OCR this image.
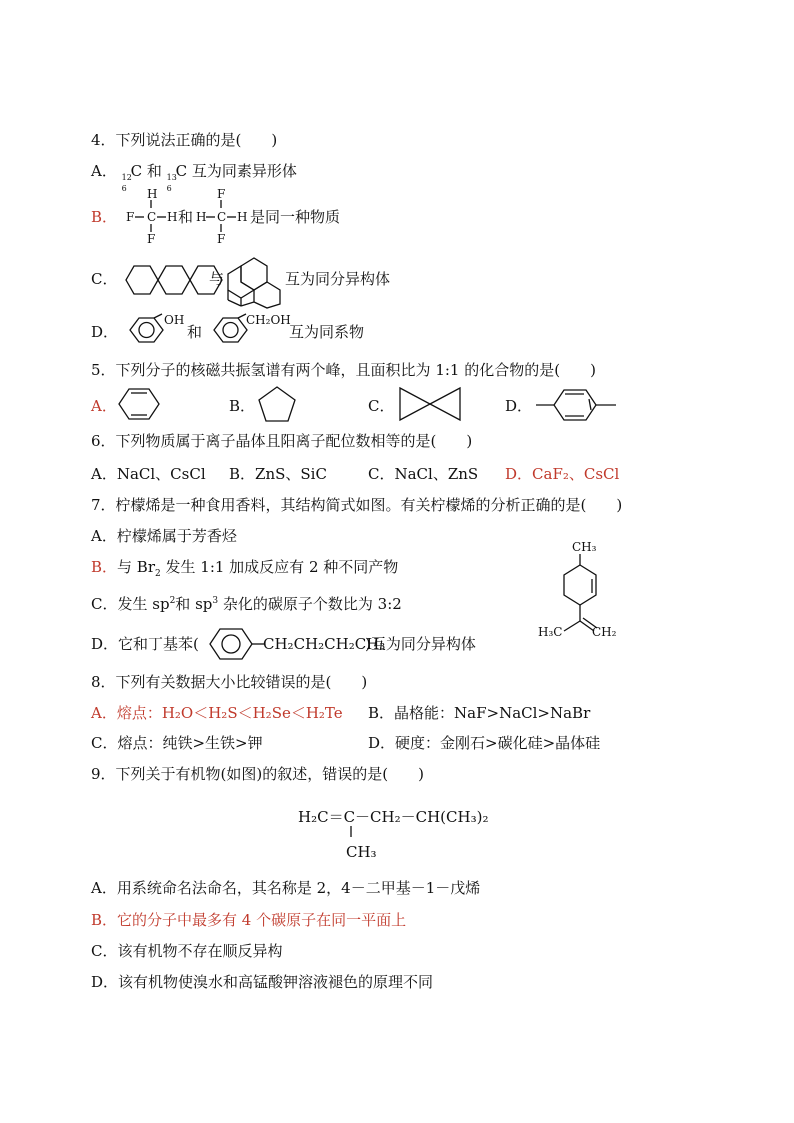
4．下列说法正确的是(　　)
A． 12
6
C 和 13
6
C 互为同素异形体
B．
H
F C H
F
F
H C H
F
和	是同一种物质
C．	与	互为同分异构体
D．
OH	CH₂OH
和	互为同系物
5．下列分子的核磁共振氢谱有两个峰，且面积比为 1:1 的化合物的是(　　)
A．	B．	C．	D．
6．下列物质属于离子晶体且阳离子配位数相等的是(　　)
A．NaCl、CsCl B．ZnS、SiC	C．NaCl、ZnS D．CaF₂、CsCl
7．柠檬烯是一种食用香料，其结构简式如图。有关柠檬烯的分析正确的是(　　)
A．柠檬烯属于芳香烃
B．与 $Br_2$ 发生 1:1 加成反应有 2 种不同产物
C．发生 $sp^2$和 $sp^3$ 杂化的碳原子个数比为 3:2
D．它和丁基苯(	CH₂CH₂CH₂CH₃
)互为同分异构体
CH₃
H₃C CH₂
8．下列有关数据大小比较错误的是(　　)
A．熔点：H₂O＜H₂S＜H₂Se＜H₂Te B．晶格能：NaF>NaCl>NaBr
C．熔点：纯铁>生铁>钾	D．硬度：金刚石>碳化硅>晶体硅
9．下列关于有机物(如图)的叙述，错误的是(　　)
H₂C＝C－CH₂－CH(CH₃)₂
CH₃
A．用系统命名法命名，其名称是 2，4－二甲基－1－戊烯
B．它的分子中最多有 4 个碳原子在同一平面上
C．该有机物不存在顺反异构
D．该有机物使溴水和高锰酸钾溶液褪色的原理不同
